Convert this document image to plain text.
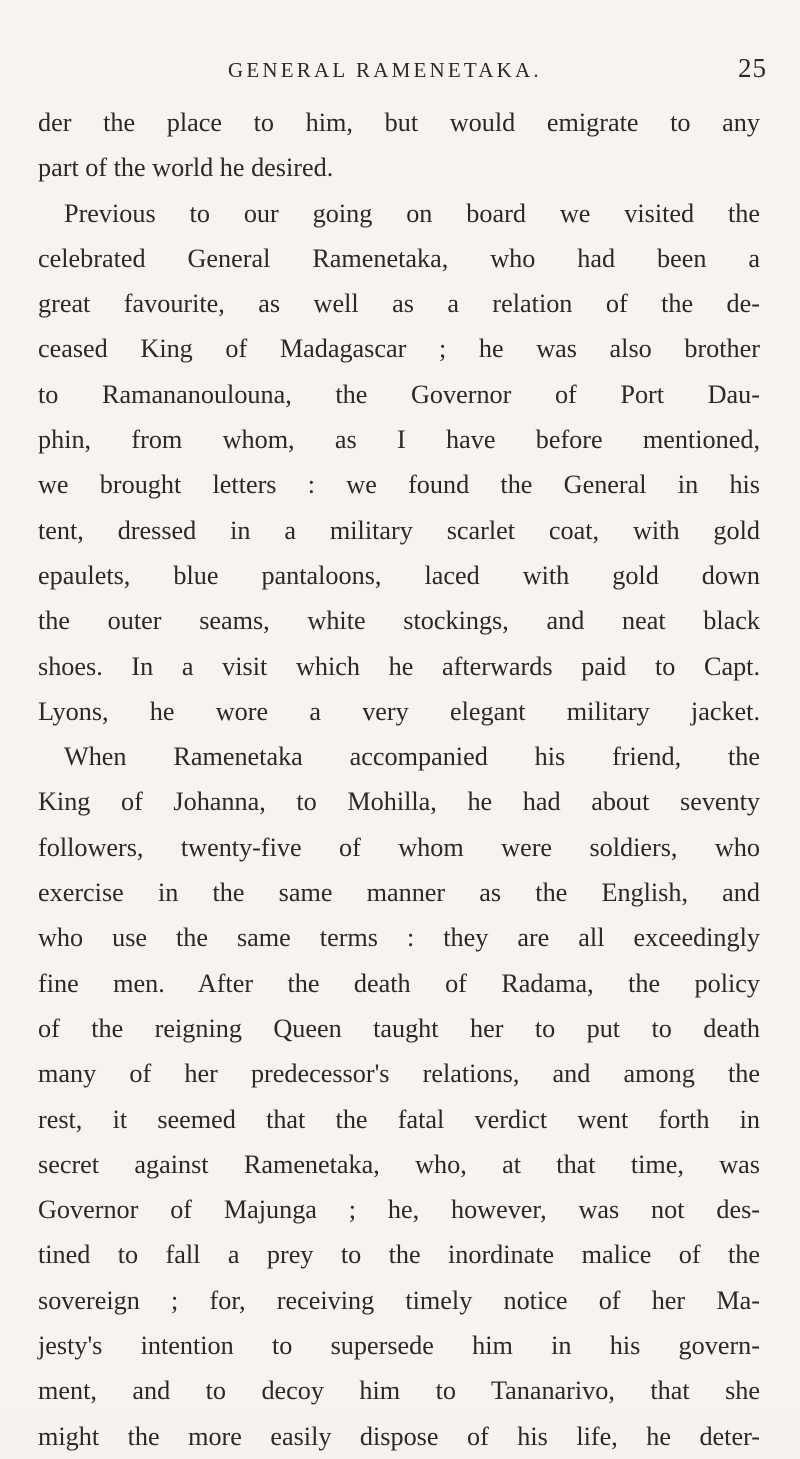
GENERAL RAMENETAKA.	25
der the place to him, but would emigrate to any
part of the world he desired.
Previous to our going on board we visited the
celebrated General Ramenetaka, who had been a
great favourite, as well as a relation of the de-
ceased King of Madagascar ; he was also brother
to Ramananoulouna, the Governor of Port Dau-
phin, from whom, as I have before mentioned,
we brought letters : we found the General in his
tent, dressed in a military scarlet coat, with gold
epaulets, blue pantaloons, laced with gold down
the outer seams, white stockings, and neat black
shoes. In a visit which he afterwards paid to Capt.
Lyons, he wore a very elegant military jacket.
When Ramenetaka accompanied his friend, the
King of Johanna, to Mohilla, he had about seventy
followers, twenty-five of whom were soldiers, who
exercise in the same manner as the English, and
who use the same terms : they are all exceedingly
fine men. After the death of Radama, the policy
of the reigning Queen taught her to put to death
many of her predecessor's relations, and among the
rest, it seemed that the fatal verdict went forth in
secret against Ramenetaka, who, at that time, was
Governor of Majunga ; he, however, was not des-
tined to fall a prey to the inordinate malice of the
sovereign ; for, receiving timely notice of her Ma-
jesty's intention to supersede him in his govern-
ment, and to decoy him to Tananarivo, that she
might the more easily dispose of his life, he deter-
